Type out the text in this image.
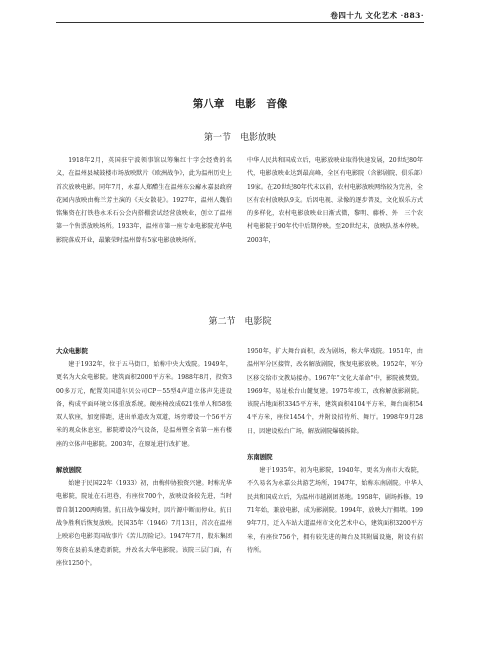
卷四十九 文化艺术 ·883·
第八章　电影　音像
第一节　电影放映

1918年2月，英国驻宁波领事馆以筹集红十字会经费的名义，在温州县城鼓楼市场放映默片《欧洲战争》，此为温州历史上首次放映电影。同年7月，永嘉人郑醴生在温州东公廨永嘉县政府花园内放映由梅兰芳主演的《天女散花》。1927年，温州人魏伯铭集资在打铁巷永禾石公会内搭棚尝试经营放映业，创立了温州第一个售票放映场所。1933年，温州市第一座专业电影院光华电影院落成开业，最繁荣时温州曾有5家电影放映场所。

中华人民共和国成立后，电影放映业取得快速发展，20世纪80年代，电影放映业达到最高峰，全区有电影院（含影剧院、俱乐部）19家。在20世纪80年代末以前，农村电影放映网络较为完善，全区有农村放映队9支。后因电视、录像的逐步普及，文化娱乐方式的多样化，农村电影放映业日渐式微，黎明、藤桥、外　三个农村电影院于90年代中后期停映。至20世纪末，放映队基本停映。2003年，

第二节　电影院
大众电影院

建于1932年，位于五马街口，始称中央大戏院。1949年，更名为大众电影院。建筑面积2000平方米。1988年8月，投资300多万元，配置美国道尔贝公司CP－55型4声道立体声先进设备，构成平面环境立体重放系统。硬座椅改成621张单人和58张双人软座，加宽排距，进出单道改为双道，场旁增设一个56平方米的观众休息室，影院增设冷气设备，是温州暨全省第一座有楼座的立体声电影院。2003年，在原址进行改扩建。

解放剧院

始建于民国22年（1933）初，由梅仲协独资兴建。时称光华电影院，院址在石坦巷，有座位700个，放映设备较先进，当时曾自制1200两购置。抗日战争爆发时，因片源中断而停业。抗日战争胜利后恢复放映。民国35年（1946）7月13日，首次在温州上映彩色电影美国故事片《苦儿历险记》。1947年7月，股东集团筹资在县前头建造新院，并改名大华电影院。该院三层门面，有座位1250个。

1950年，扩大舞台面积，改为剧场，称大华戏院。1951年，由温州军分区接管，改名解放剧院，恢复电影放映。1952年，军分区移交给市文教局接办。1967年“文化大革命”中，影院被焚毁。1969年，易址松台山麓复建。1975年竣工，改称解放影剧院。该院占地面积3345平方米，建筑面积4104平方米，舞台面积544平方米，座位1454个，并附设招待所、舞厅。1998年9月28日，因建设松台广场，解放剧院爆破拆除。

东南剧院

建于1935年，初为电影院，1940年，更名为南市大戏院，不久易名为永嘉公共游艺场所，1947年，始称东南剧院。中华人民共和国成立后，为温州市越剧团基地。1958年，剧场拆修。1971年始，兼放电影，成为影剧院。1994年，放映大厅拥堵。1999年7月，迁入车站大道温州市文化艺术中心，建筑面积3200平方米，有座位756个，拥有较先进的舞台及其附属设施，附设有招待所。
